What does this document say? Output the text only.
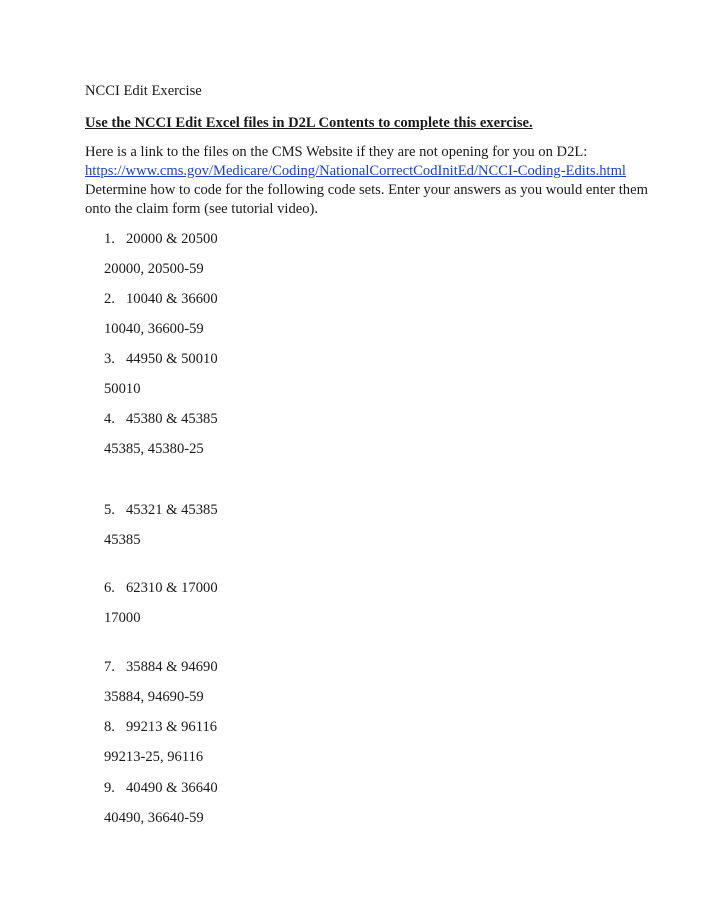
NCCI Edit Exercise
Use the NCCI Edit Excel files in D2L Contents to complete this exercise.
Here is a link to the files on the CMS Website if they are not opening for you on D2L:
https://www.cms.gov/Medicare/Coding/NationalCorrectCodInitEd/NCCI-Coding-Edits.html
Determine how to code for the following code sets. Enter your answers as you would enter them
onto the claim form (see tutorial video).
1. 20000 & 20500
20000, 20500-59
2. 10040 & 36600
10040, 36600-59
3. 44950 & 50010
50010
4. 45380 & 45385
45385, 45380-25
5. 45321 & 45385
45385
6. 62310 & 17000
17000
7. 35884 & 94690
35884, 94690-59
8. 99213 & 96116
99213-25, 96116
9. 40490 & 36640
40490, 36640-59
